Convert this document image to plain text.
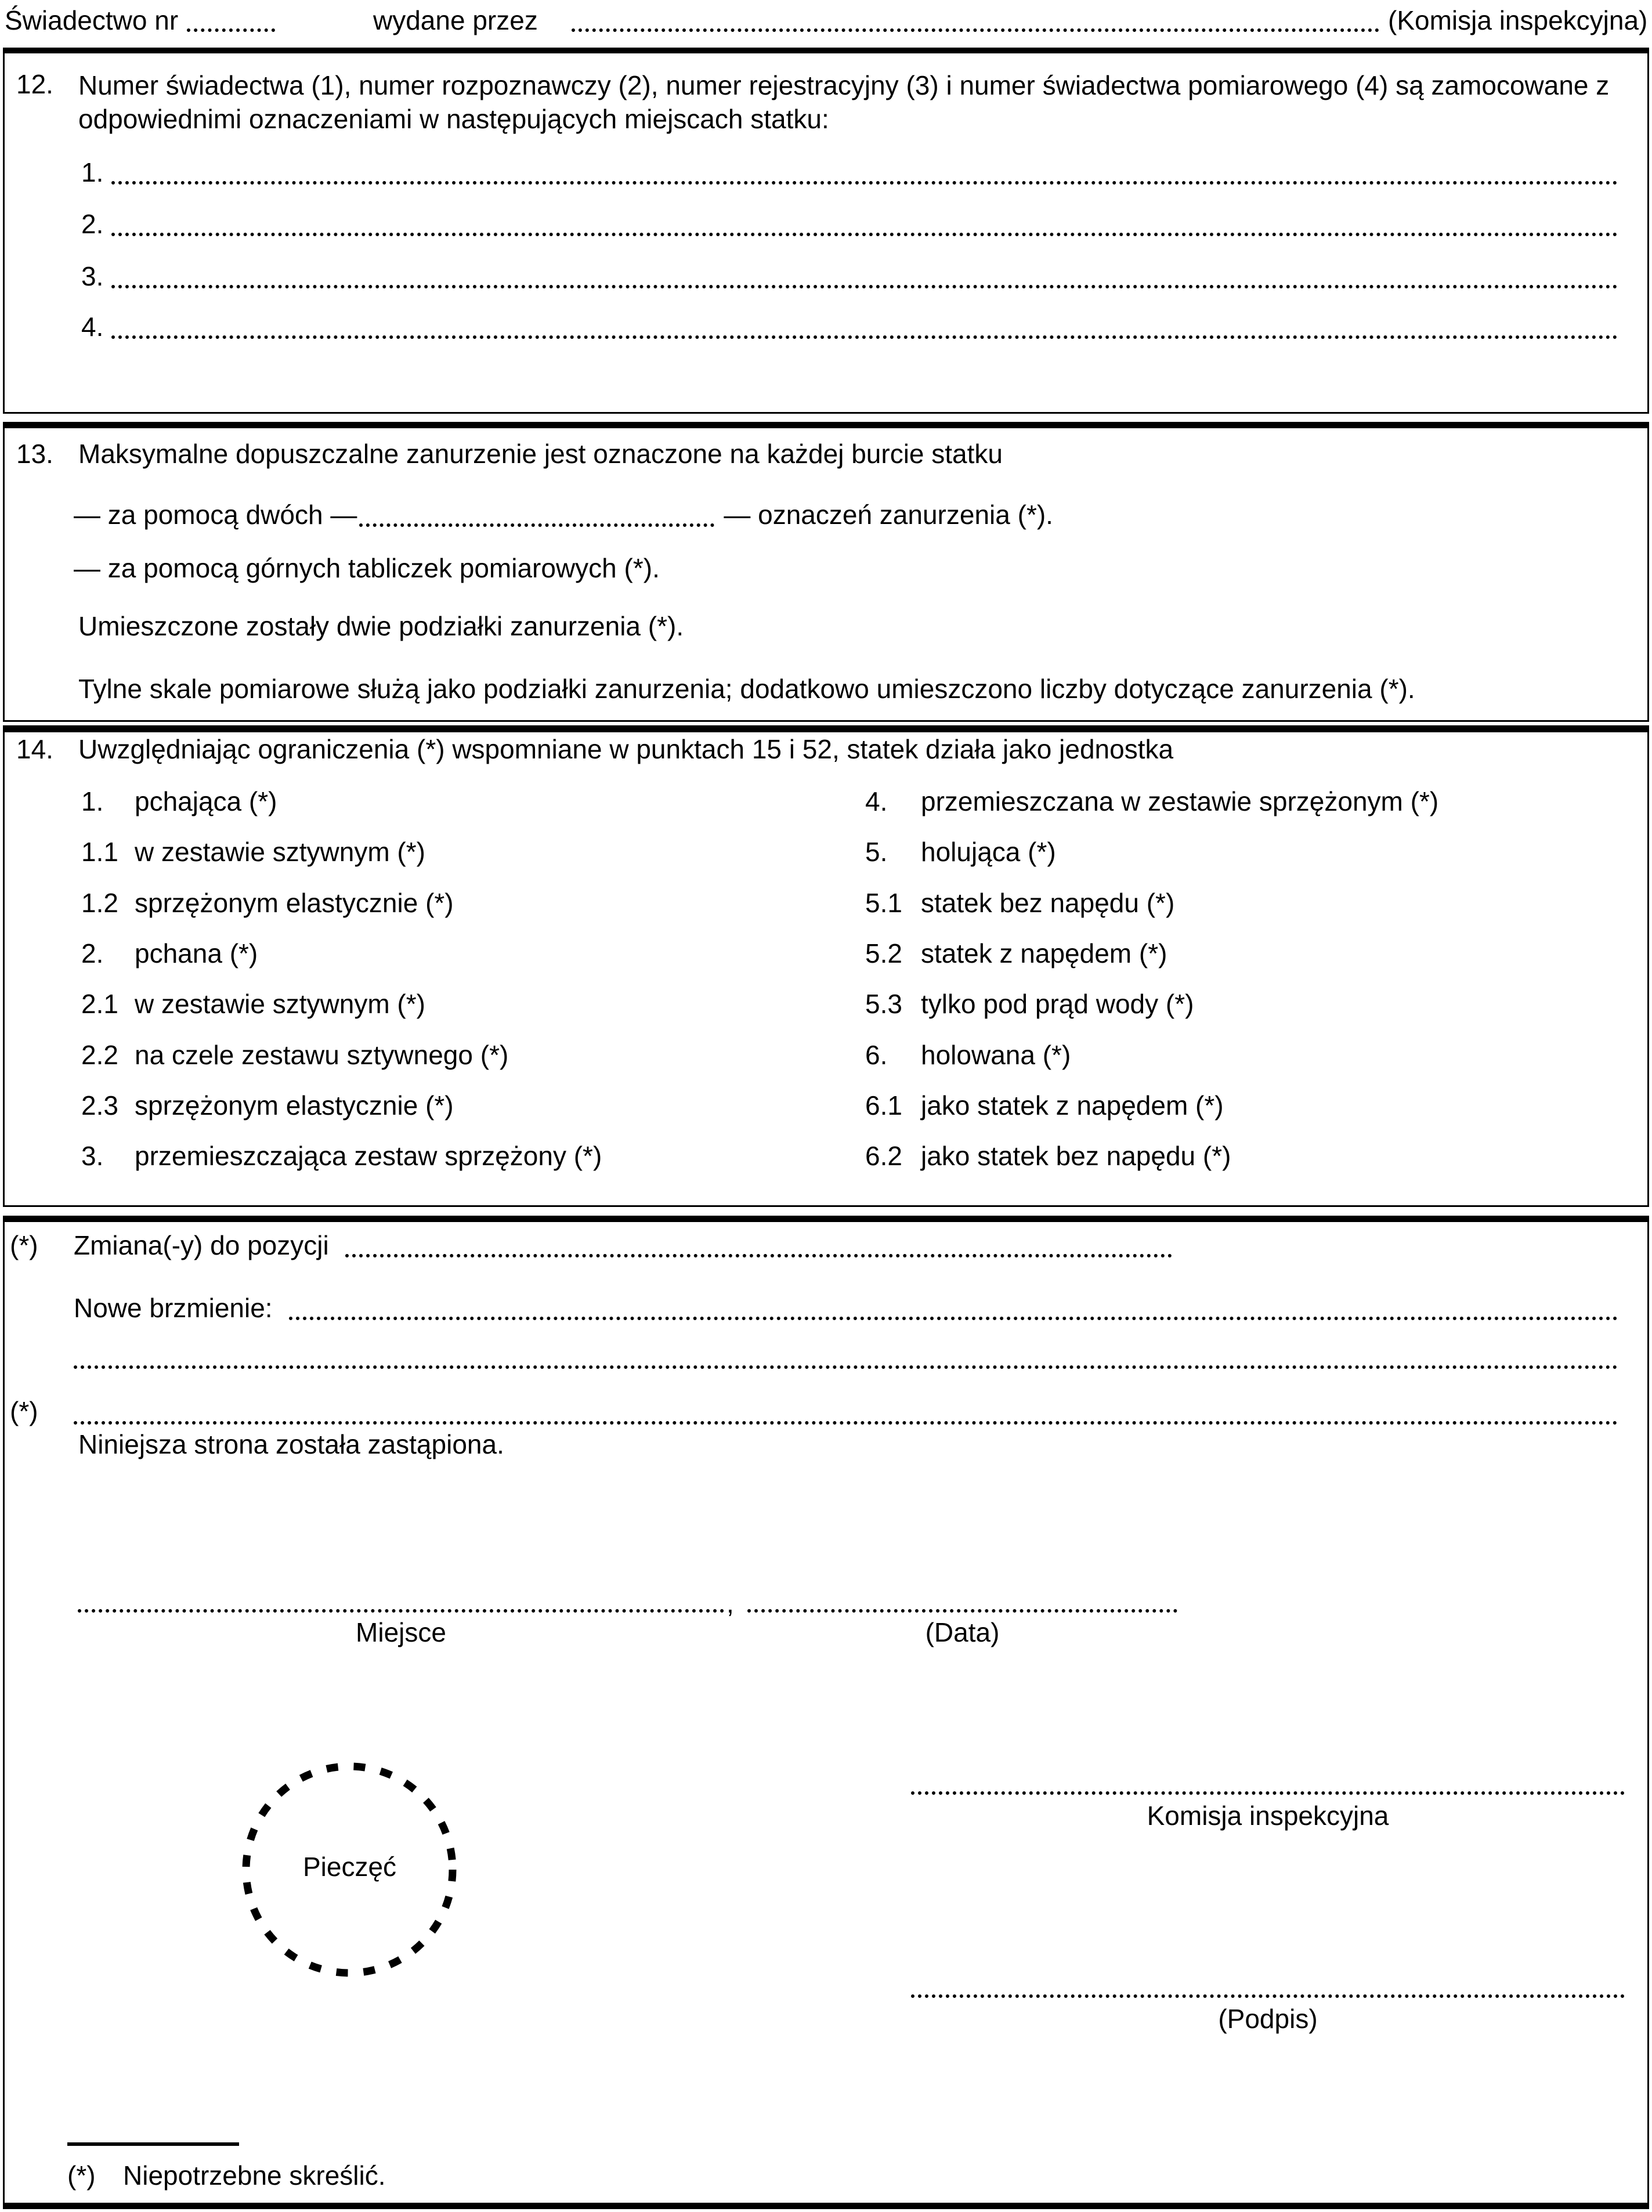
Świadectwo nr	wydane przez	(Komisja inspekcyjna)
12. Numer świadectwa (1), numer rozpoznawczy (2), numer rejestracyjny (3) i numer świadectwa pomiarowego (4) są zamocowane z odpowiednimi oznaczeniami w następujących miejscach statku:
1.
2.
3.
4.
13. Maksymalne dopuszczalne zanurzenie jest oznaczone na każdej burcie statku
— za pomocą dwóch —	— oznaczeń zanurzenia (*).
— za pomocą górnych tabliczek pomiarowych (*).
Umieszczone zostały dwie podziałki zanurzenia (*).
Tylne skale pomiarowe służą jako podziałki zanurzenia; dodatkowo umieszczono liczby dotyczące zanurzenia (*).
14. Uwzględniając ograniczenia (*) wspomniane w punktach 15 i 52, statek działa jako jednostka
1.	pchająca (*)	4.	przemieszczana w zestawie sprzężonym (*)
1.1 w zestawie sztywnym (*)	5.	holująca (*)
1.2 sprzężonym elastycznie (*)	5.1 statek bez napędu (*)
2.	pchana (*)	5.2 statek z napędem (*)
2.1 w zestawie sztywnym (*)	5.3 tylko pod prąd wody (*)
2.2 na czele zestawu sztywnego (*)	6.	holowana (*)
2.3 sprzężonym elastycznie (*)	6.1 jako statek z napędem (*)
3.	przemieszczająca zestaw sprzężony (*)	6.2 jako statek bez napędu (*)
(*) Zmiana(-y) do pozycji
Nowe brzmienie:
(*)
Niniejsza strona została zastąpiona.
,
Miejsce	(Data)
Pieczęć
Komisja inspekcyjna
(Podpis)
(*) Niepotrzebne skreślić.
